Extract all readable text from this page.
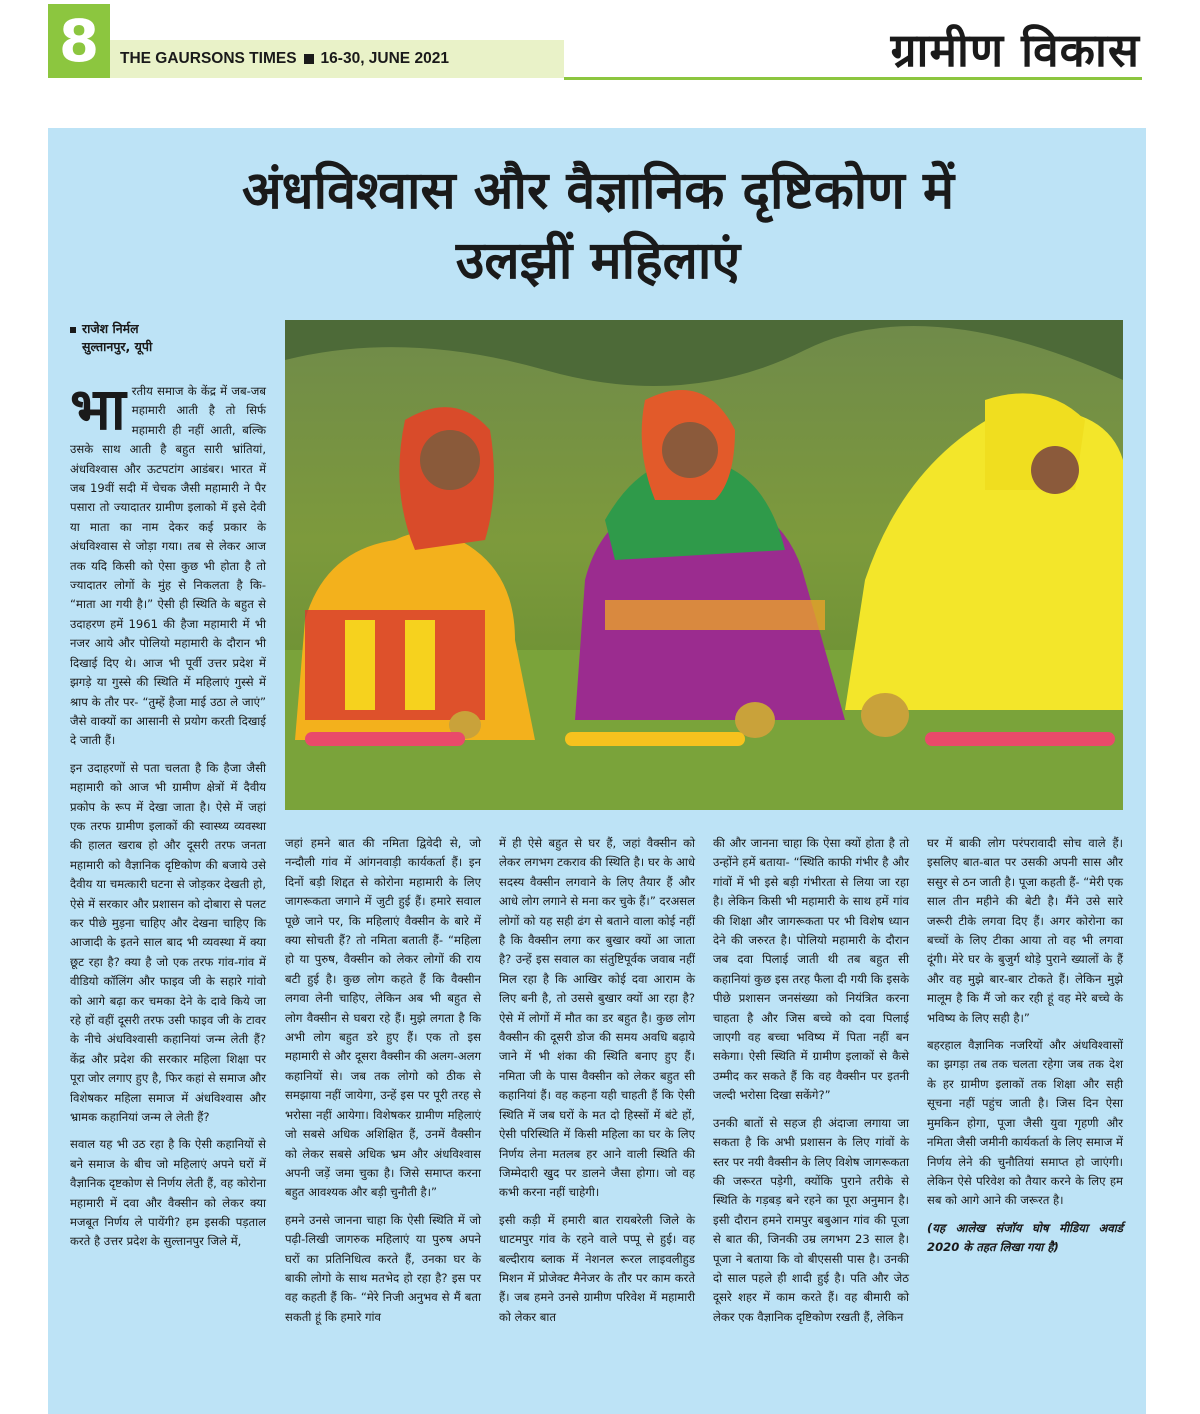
8	THE GAURSONS TIMES 16-30, JUNE 2021	ग्रामीण विकास
अंधविश्वास और वैज्ञानिक दृष्टिकोण में
उलझीं महिलाएं
राजेश निर्मल
सुल्तानपुर, यूपी

भारतीय समाज के केंद्र में जब-जब महामारी आती है तो सिर्फ महामारी ही नहीं आती, बल्कि उसके साथ आती है बहुत सारी भ्रांतियां, अंधविश्वास और ऊटपटांग आडंबर। भारत में जब 19वीं सदी में चेचक जैसी महामारी ने पैर पसारा तो ज्यादातर ग्रामीण इलाको में इसे देवी या माता का नाम देकर कई प्रकार के अंधविश्वास से जोड़ा गया। तब से लेकर आज तक यदि किसी को ऐसा कुछ भी होता है तो ज्यादातर लोगों के मुंह से निकलता है कि- “माता आ गयी है।” ऐसी ही स्थिति के बहुत से उदाहरण हमें 1961 की हैजा महामारी में भी नजर आये और पोलियो महामारी के दौरान भी दिखाई दिए थे। आज भी पूर्वी उत्तर प्रदेश में झगड़े या गुस्से की स्थिति में महिलाएं गुस्से में श्राप के तौर पर- “तुम्हें हैजा माई उठा ले जाएं” जैसे वाक्यों का आसानी से प्रयोग करती दिखाई दे जाती हैं।

इन उदाहरणों से पता चलता है कि हैजा जैसी महामारी को आज भी ग्रामीण क्षेत्रों में दैवीय प्रकोप के रूप में देखा जाता है। ऐसे में जहां एक तरफ ग्रामीण इलाकों की स्वास्थ्य व्यवस्था की हालत खराब हो और दूसरी तरफ जनता महामारी को वैज्ञानिक दृष्टिकोण की बजाये उसे दैवीय या चमत्कारी घटना से जोड़कर देखती हो, ऐसे में सरकार और प्रशासन को दोबारा से पलट कर पीछे मुड़ना चाहिए और देखना चाहिए कि आजादी के इतने साल बाद भी व्यवस्था में क्या छूट रहा है? क्या है जो एक तरफ गांव-गांव में वीडियो कॉलिंग और फाइव जी के सहारे गांवो को आगे बढ़ा कर चमका देने के दावे किये जा रहे हों वहीं दूसरी तरफ उसी फाइव जी के टावर के नीचे अंधविश्वासी कहानियां जन्म लेती हैं? केंद्र और प्रदेश की सरकार महिला शिक्षा पर पूरा जोर लगाए हुए है, फिर कहां से समाज और विशेषकर महिला समाज में अंधविश्वास और भ्रामक कहानियां जन्म ले लेती हैं?

सवाल यह भी उठ रहा है कि ऐसी कहानियों से बने समाज के बीच जो महिलाएं अपने घरों में वैज्ञानिक दृष्टकोण से निर्णय लेती हैं, वह कोरोना महामारी में दवा और वैक्सीन को लेकर क्या मजबूत निर्णय ले पायेंगी? हम इसकी पड़ताल करते है उत्तर प्रदेश के सुल्तानपुर जिले में,

जहां हमने बात की नमिता द्विवेदी से, जो नन्दौली गांव में आंगनवाड़ी कार्यकर्ता हैं। इन दिनों बड़ी शिद्दत से कोरोना महामारी के लिए जागरूकता जगाने में जुटी हुई हैं। हमारे सवाल पूछे जाने पर, कि महिलाएं वैक्सीन के बारे में क्या सोचती हैं? तो नमिता बताती हैं- “महिला हो या पुरुष, वैक्सीन को लेकर लोगों की राय बटी हुई है। कुछ लोग कहते हैं कि वैक्सीन लगवा लेनी चाहिए, लेकिन अब भी बहुत से लोग वैक्सीन से घबरा रहे हैं। मुझे लगता है कि अभी लोग बहुत डरे हुए हैं। एक तो इस महामारी से और दूसरा वैक्सीन की अलग-अलग कहानियों से। जब तक लोगो को ठीक से समझाया नहीं जायेगा, उन्हें इस पर पूरी तरह से भरोसा नहीं आयेगा। विशेषकर ग्रामीण महिलाएं जो सबसे अधिक अशिक्षित हैं, उनमें वैक्सीन को लेकर सबसे अधिक भ्रम और अंधविश्वास अपनी जड़ें जमा चुका है। जिसे समाप्त करना बहुत आवश्यक और बड़ी चुनौती है।”

हमने उनसे जानना चाहा कि ऐसी स्थिति में जो पढ़ी-लिखी जागरुक महिलाएं या पुरुष अपने घरों का प्रतिनिधित्व करते हैं, उनका घर के बाकी लोगो के साथ मतभेद हो रहा है? इस पर वह कहती हैं कि- “मेरे निजी अनुभव से मैं बता सकती हूं कि हमारे गांव

में ही ऐसे बहुत से घर हैं, जहां वैक्सीन को लेकर लगभग टकराव की स्थिति है। घर के आधे सदस्य वैक्सीन लगवाने के लिए तैयार हैं और आधे लोग लगाने से मना कर चुके हैं।” दरअसल लोगों को यह सही ढंग से बताने वाला कोई नहीं है कि वैक्सीन लगा कर बुखार क्यों आ जाता है? उन्हें इस सवाल का संतुष्टिपूर्वक जवाब नहीं मिल रहा है कि आखिर कोई दवा आराम के लिए बनी है, तो उससे बुखार क्यों आ रहा है? ऐसे में लोगों में मौत का डर बहुत है। कुछ लोग वैक्सीन की दूसरी डोज की समय अवधि बढ़ाये जाने में भी शंका की स्थिति बनाए हुए हैं। नमिता जी के पास वैक्सीन को लेकर बहुत सी कहानियां हैं। वह कहना यही चाहती हैं कि ऐसी स्थिति में जब घरों के मत दो हिस्सों में बंटे हों, ऐसी परिस्थिति में किसी महिला का घर के लिए निर्णय लेना मतलब हर आने वाली स्थिति की जिम्मेदारी खुद पर डालने जैसा होगा। जो वह कभी करना नहीं चाहेगी।

इसी कड़ी में हमारी बात रायबरेली जिले के धाटमपुर गांव के रहने वाले पप्पू से हुई। वह बल्दीराय ब्लाक में नेशनल रूरल लाइवलीहुड मिशन में प्रोजेक्ट मैनेजर के तौर पर काम करते हैं। जब हमने उनसे ग्रामीण परिवेश में महामारी को लेकर बात

की और जानना चाहा कि ऐसा क्यों होता है तो उन्होंने हमें बताया- “स्थिति काफी गंभीर है और गांवों में भी इसे बड़ी गंभीरता से लिया जा रहा है। लेकिन किसी भी महामारी के साथ हमें गांव की शिक्षा और जागरूकता पर भी विशेष ध्यान देने की जरुरत है। पोलियो महामारी के दौरान जब दवा पिलाई जाती थी तब बहुत सी कहानियां कुछ इस तरह फैला दी गयी कि इसके पीछे प्रशासन जनसंख्या को नियंत्रित करना चाहता है और जिस बच्चे को दवा पिलाई जाएगी वह बच्चा भविष्य में पिता नहीं बन सकेगा। ऐसी स्थिति में ग्रामीण इलाकों से कैसे उम्मीद कर सकते हैं कि वह वैक्सीन पर इतनी जल्दी भरोसा दिखा सकेंगे?”

उनकी बातों से सहज ही अंदाजा लगाया जा सकता है कि अभी प्रशासन के लिए गांवों के स्तर पर नयी वैक्सीन के लिए विशेष जागरूकता की जरूरत पड़ेगी, क्योंकि पुराने तरीके से स्थिति के गड़बड़ बने रहने का पूरा अनुमान है। इसी दौरान हमने रामपुर बबुआन गांव की पूजा से बात की, जिनकी उम्र लगभग 23 साल है। पूजा ने बताया कि वो बीएससी पास है। उनकी दो साल पहले ही शादी हुई है। पति और जेठ दूसरे शहर में काम करते हैं। वह बीमारी को लेकर एक वैज्ञानिक दृष्टिकोण रखती हैं, लेकिन

घर में बाकी लोग परंपरावादी सोच वाले हैं। इसलिए बात-बात पर उसकी अपनी सास और ससुर से ठन जाती है। पूजा कहती हैं- “मेरी एक साल तीन महीने की बेटी है। मैंने उसे सारे जरूरी टीके लगवा दिए हैं। अगर कोरोना का बच्चों के लिए टीका आया तो वह भी लगवा दूंगी। मेरे घर के बुजुर्ग थोड़े पुराने ख्यालों के हैं और वह मुझे बार-बार टोकते हैं। लेकिन मुझे मालूम है कि मैं जो कर रही हूं वह मेरे बच्चे के भविष्य के लिए सही है।”

बहरहाल वैज्ञानिक नजरियों और अंधविश्वासों का झगड़ा तब तक चलता रहेगा जब तक देश के हर ग्रामीण इलाकों तक शिक्षा और सही सूचना नहीं पहुंच जाती है। जिस दिन ऐसा मुमकिन होगा, पूजा जैसी युवा गृहणी और नमिता जैसी जमीनी कार्यकर्ता के लिए समाज में निर्णय लेने की चुनौतियां समाप्त हो जाएंगी। लेकिन ऐसे परिवेश को तैयार करने के लिए हम सब को आगे आने की जरूरत है।

(यह आलेख संजॉय घोष मीडिया अवार्ड 2020 के तहत लिखा गया है)
